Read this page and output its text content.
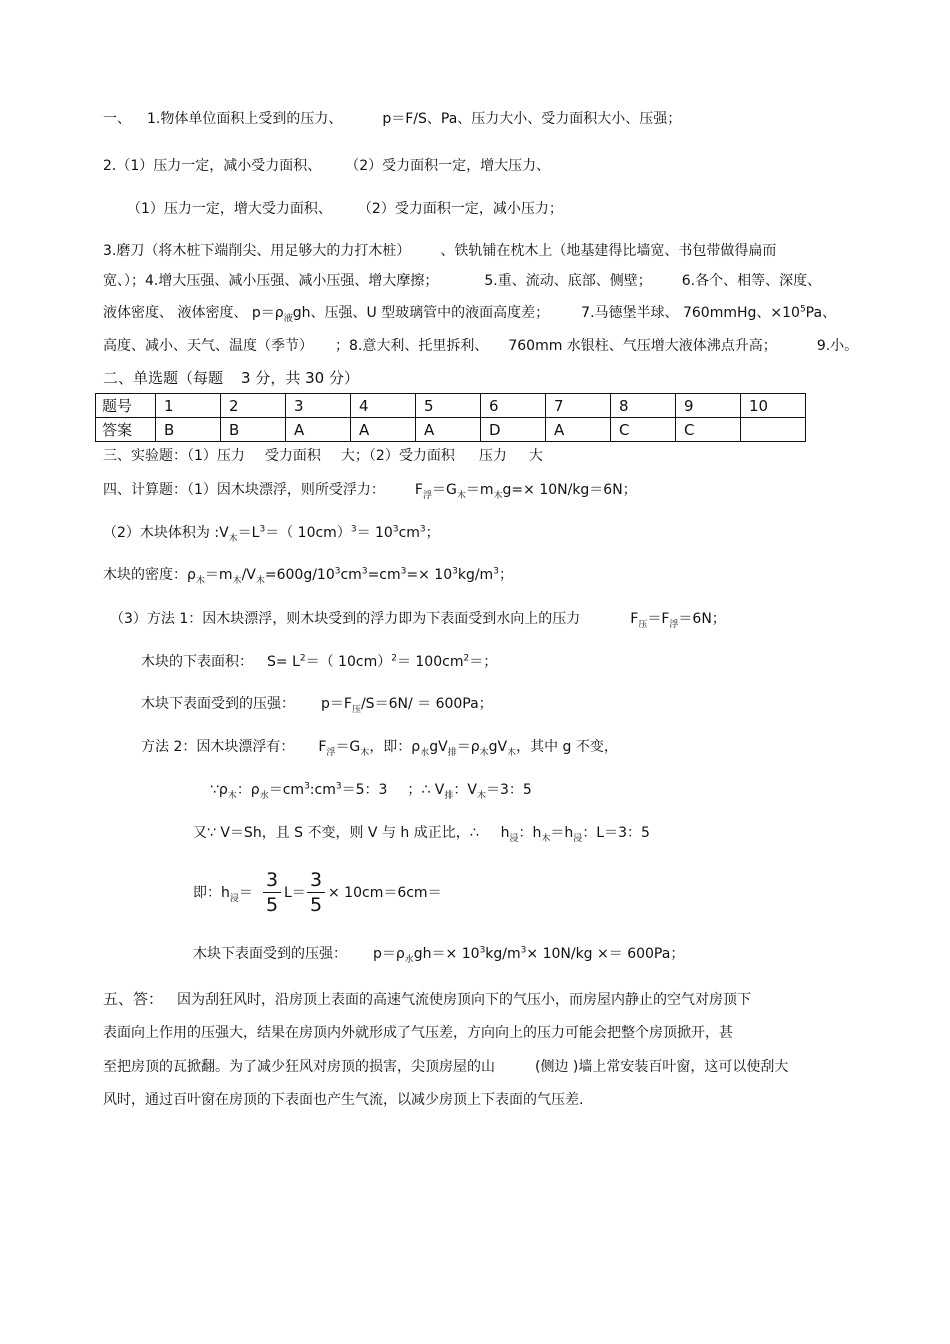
一、 1.物体单位面积上受到的压力、	p＝F/S、Pa、压力大小、受力面积大小、压强；
2.（1）压力一定，减小受力面积、 （2）受力面积一定，增大压力、
（1）压力一定，增大受力面积、 （2）受力面积一定，减小压力；
3.磨刀（将木桩下端削尖、用足够大的力打木桩） 、铁轨铺在枕木上（地基建得比墙宽、书包带做得扁而
宽、）；4.增大压强、减小压强、减小压强、增大摩擦；	5.重、流动、底部、侧壁； 6.各个、相等、深度、
液体密度、 液体密度、 $p=\rho_液gh$、压强、U 型玻璃管中的液面高度差； 7.马德堡半球、 760mmHg、$\times 10^5Pa$、
高度、减小、天气、温度（季节） ；8.意大利、托里拆利、 760mm 水银柱、气压增大液体沸点升高；	9.小。
二、单选题（每题 3 分，共 30 分）
题号	1	2	3	4	5	6	7	8	9	10
答案	B	B	A	A	A	D	A	C	C	
三、实验题：（1）压力 受力面积 大；（2）受力面积 压力 大
四、计算题：（1）因木块漂浮，则所受浮力： $F_浮=G_木=m_木g=\times 10N/kg=6N$；
（2）木块体积为 $:V_木=L^3=$（ $10cm)^3= 10^3cm^3$；
木块的密度：$\rho_木=m_木/V_木=600g/10^3cm^3=cm^3=\times 10^3kg/m^3$；
（3）方法 1：因木块漂浮，则木块受到的浮力即为下表面受到水向上的压力	$F_压=F_浮=6N$；
木块的下表面积： $S= L^2=$（ $10cm)^2= 100cm^2=$；
木块下表面受到的压强： $p=F_压/S=6N/ = 600Pa$；
方法 2：因木块漂浮有： $F_浮=G_木$，即：$\rho_水gV_排=\rho_木gV_木$，其中 g 不变，
$\because\rho_木$：$\rho_水=cm^3:cm^3=5$：3 ；∴ $V_排$：$V_木=3$：5
又∵ V＝Sh，且 S 不变，则 V 与 h 成正比，∴ $h_浸$：$h_木=h_浸$：L＝3：5
即：$h_浸= \frac{3}{5} L= \frac{3}{5} \times 10cm=6cm=$
木块下表面受到的压强： $p=\rho_水gh=\times 10^3kg/m^3\times 10N/kg \times= 600Pa$；
五、答： 因为刮狂风时，沿房顶上表面的高速气流使房顶向下的气压小，而房屋内静止的空气对房顶下
表面向上作用的压强大，结果在房顶内外就形成了气压差，方向向上的压力可能会把整个房顶掀开，甚
至把房顶的瓦掀翻。为了减少狂风对房顶的损害，尖顶房屋的山	(侧边 )墙上常安装百叶窗，这可以使刮大
风时，通过百叶窗在房顶的下表面也产生气流，以减少房顶上下表面的气压差.
